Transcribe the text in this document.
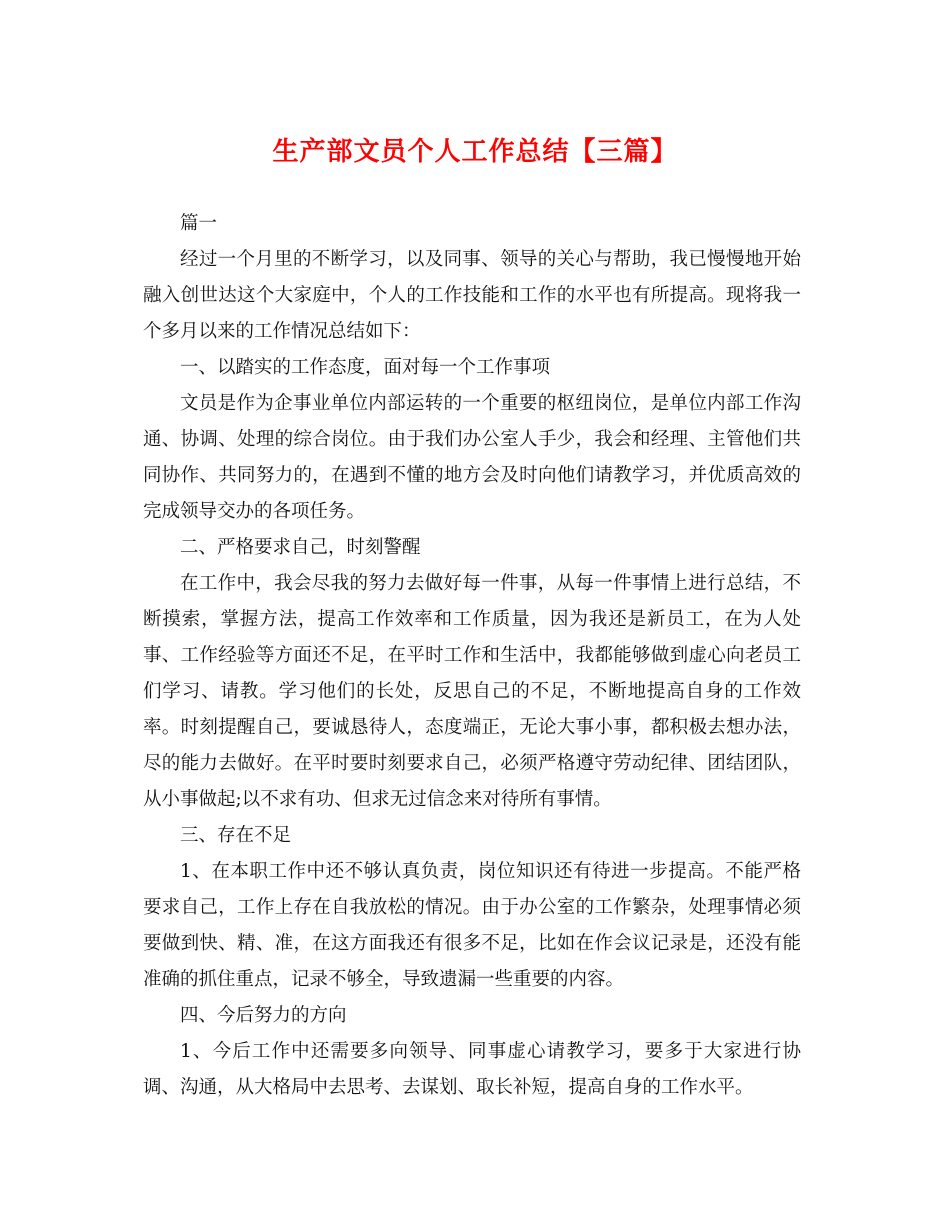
生产部文员个人工作总结【三篇】

篇一

经过一个月里的不断学习，以及同事、领导的关心与帮助，我已慢慢地开始融入创世达这个大家庭中，个人的工作技能和工作的水平也有所提高。现将我一个多月以来的工作情况总结如下：

一、以踏实的工作态度，面对每一个工作事项

文员是作为企事业单位内部运转的一个重要的枢纽岗位，是单位内部工作沟通、协调、处理的综合岗位。由于我们办公室人手少，我会和经理、主管他们共同协作、共同努力的，在遇到不懂的地方会及时向他们请教学习，并优质高效的完成领导交办的各项任务。

二、严格要求自己，时刻警醒

在工作中，我会尽我的努力去做好每一件事，从每一件事情上进行总结，不断摸索，掌握方法，提高工作效率和工作质量，因为我还是新员工，在为人处事、工作经验等方面还不足，在平时工作和生活中，我都能够做到虚心向老员工们学习、请教。学习他们的长处，反思自己的不足，不断地提高自身的工作效率。时刻提醒自己，要诚恳待人，态度端正，无论大事小事，都积极去想办法，尽的能力去做好。在平时要时刻要求自己，必须严格遵守劳动纪律、团结团队，从小事做起;以不求有功、但求无过信念来对待所有事情。

三、存在不足

1、在本职工作中还不够认真负责，岗位知识还有待进一步提高。不能严格要求自己，工作上存在自我放松的情况。由于办公室的工作繁杂，处理事情必须要做到快、精、准，在这方面我还有很多不足，比如在作会议记录是，还没有能准确的抓住重点，记录不够全，导致遗漏一些重要的内容。

四、今后努力的方向

1、今后工作中还需要多向领导、同事虚心请教学习，要多于大家进行协调、沟通，从大格局中去思考、去谋划、取长补短，提高自身的工作水平。
